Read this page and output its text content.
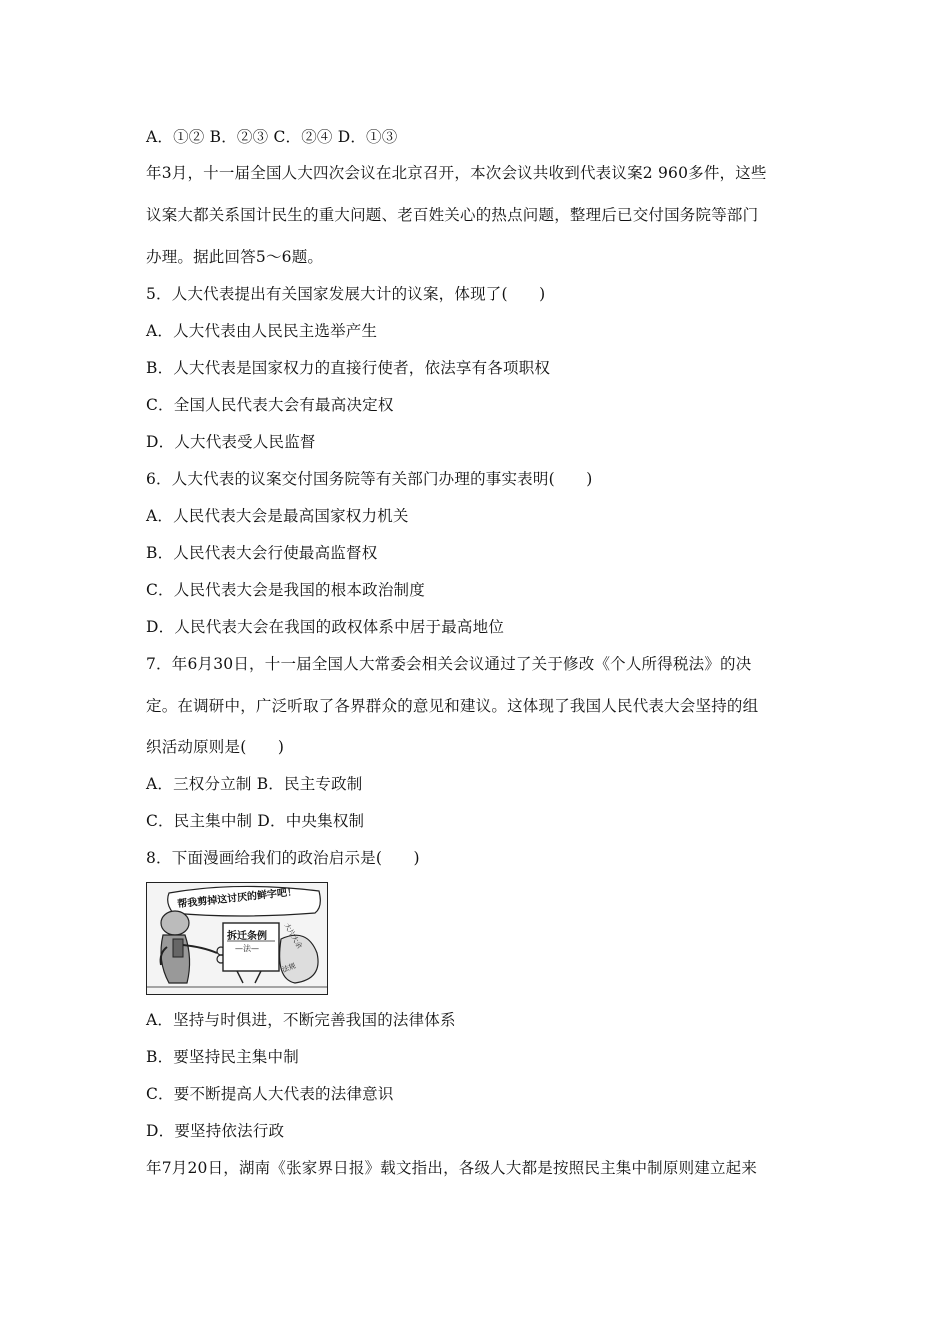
A．①② B．②③ C．②④ D．①③
年3月，十一届全国人大四次会议在北京召开，本次会议共收到代表议案2 960多件，这些
议案大都关系国计民生的重大问题、老百姓关心的热点问题，整理后已交付国务院等部门
办理。据此回答5～6题。
5．人大代表提出有关国家发展大计的议案，体现了(　　)
A．人大代表由人民民主选举产生
B．人大代表是国家权力的直接行使者，依法享有各项职权
C．全国人民代表大会有最高决定权
D．人大代表受人民监督
6．人大代表的议案交付国务院等有关部门办理的事实表明(　　)
A．人民代表大会是最高国家权力机关
B．人民代表大会行使最高监督权
C．人民代表大会是我国的根本政治制度
D．人民代表大会在我国的政权体系中居于最高地位
7．年6月30日，十一届全国人大常委会相关会议通过了关于修改《个人所得税法》的决
定。在调研中，广泛听取了各界群众的意见和建议。这体现了我国人民代表大会坚持的组
织活动原则是(　　)
A．三权分立制 B．民主专政制
C．民主集中制 D．中央集权制
8．下面漫画给我们的政治启示是(　　)
帮我剪掉这讨厌的鲜字吧！
拆迁条例
—法—	大片大余
法规
A．坚持与时俱进，不断完善我国的法律体系
B．要坚持民主集中制
C．要不断提高人大代表的法律意识
D．要坚持依法行政
年7月20日，湖南《张家界日报》载文指出，各级人大都是按照民主集中制原则建立起来
